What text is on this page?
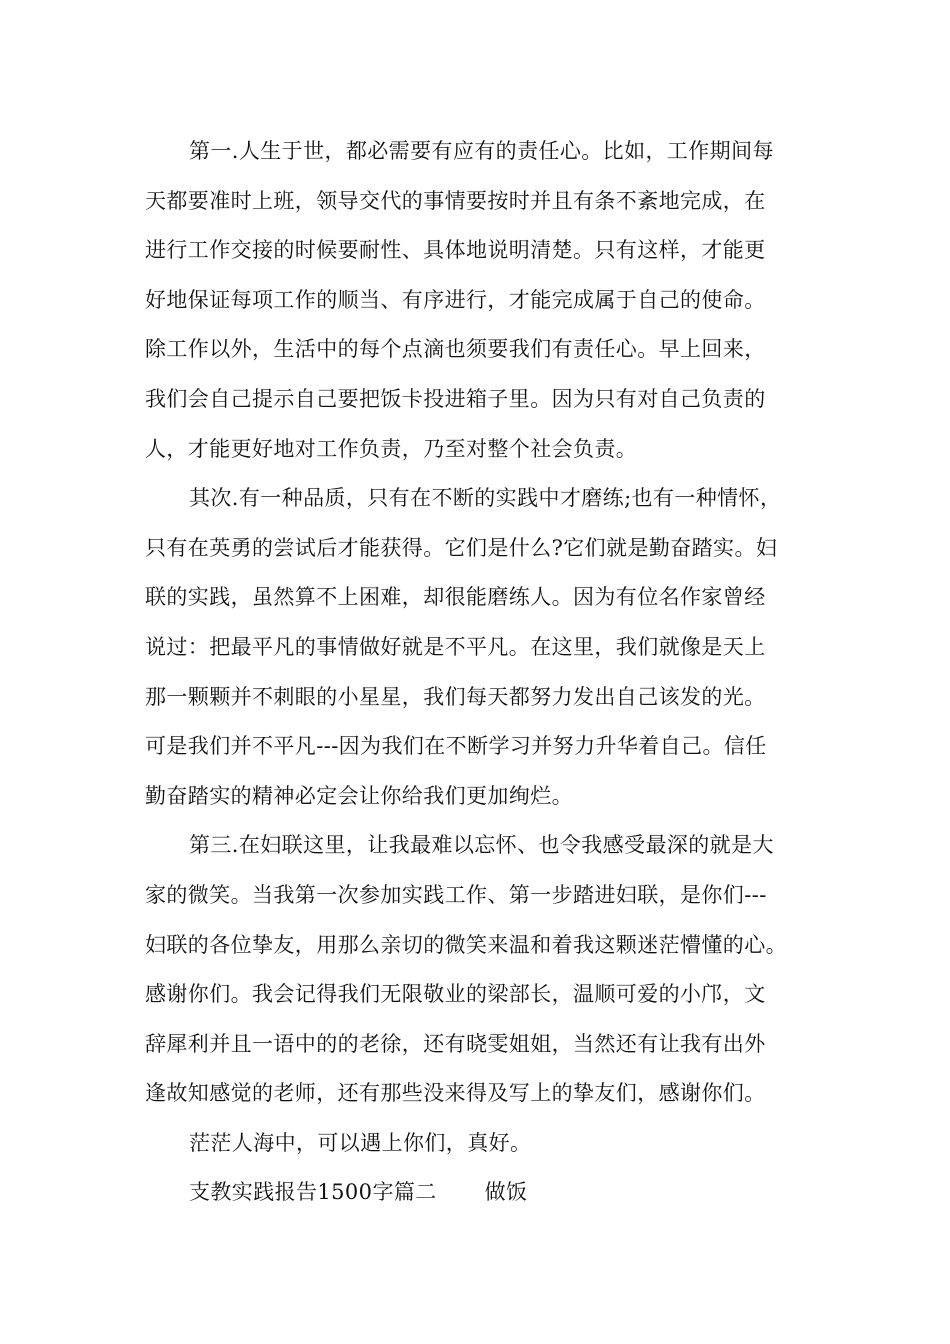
第一.人生于世，都必需要有应有的责任心。比如，工作期间每
天都要准时上班，领导交代的事情要按时并且有条不紊地完成，在
进行工作交接的时候要耐性、具体地说明清楚。只有这样，才能更
好地保证每项工作的顺当、有序进行，才能完成属于自己的使命。
除工作以外，生活中的每个点滴也须要我们有责任心。早上回来，
我们会自己提示自己要把饭卡投进箱子里。因为只有对自己负责的
人，才能更好地对工作负责，乃至对整个社会负责。
其次.有一种品质，只有在不断的实践中才磨练;也有一种情怀，
只有在英勇的尝试后才能获得。它们是什么?它们就是勤奋踏实。妇
联的实践，虽然算不上困难，却很能磨练人。因为有位名作家曾经
说过：把最平凡的事情做好就是不平凡。在这里，我们就像是天上
那一颗颗并不刺眼的小星星，我们每天都努力发出自己该发的光。
可是我们并不平凡---因为我们在不断学习并努力升华着自己。信任
勤奋踏实的精神必定会让你给我们更加绚烂。
第三.在妇联这里，让我最难以忘怀、也令我感受最深的就是大
家的微笑。当我第一次参加实践工作、第一步踏进妇联，是你们---
妇联的各位挚友，用那么亲切的微笑来温和着我这颗迷茫懵懂的心。
感谢你们。我会记得我们无限敬业的梁部长，温顺可爱的小邝，文
辞犀利并且一语中的的老徐，还有晓雯姐姐，当然还有让我有出外
逢故知感觉的老师，还有那些没来得及写上的挚友们，感谢你们。
茫茫人海中，可以遇上你们，真好。
支教实践报告1500字篇二 做饭
